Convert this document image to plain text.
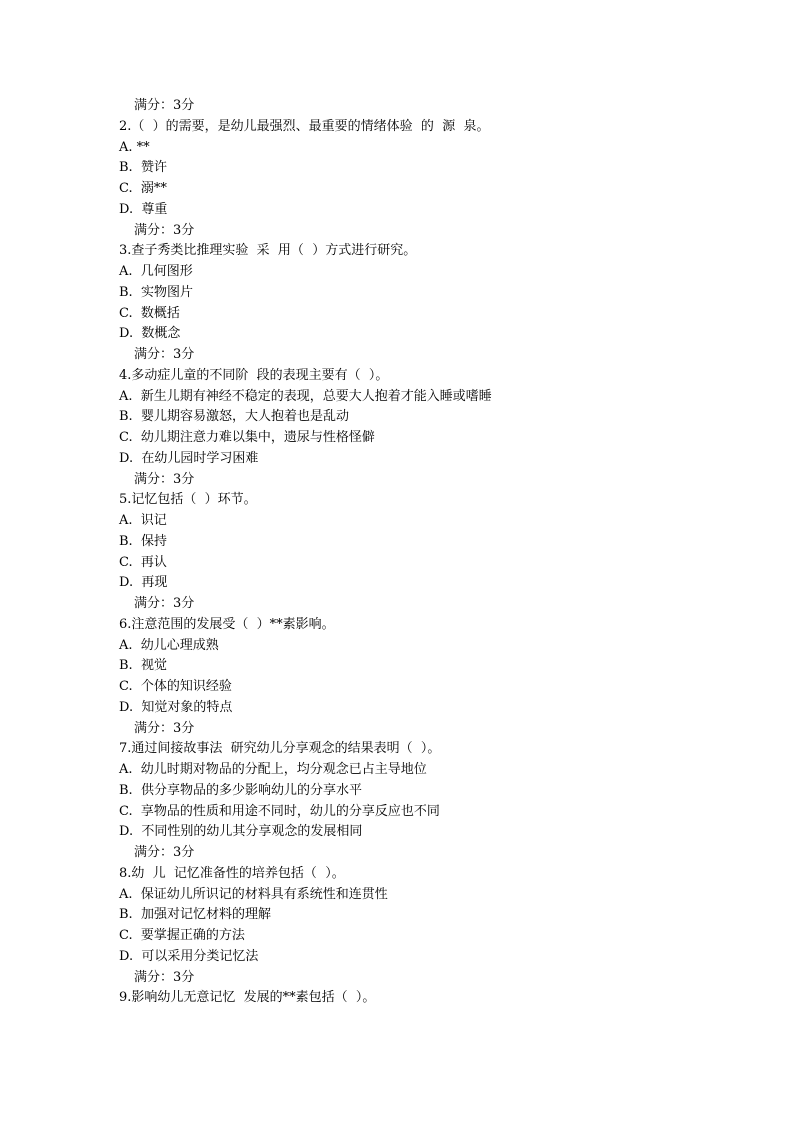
满分：3分
2.（  ）的需要，是幼儿最强烈、最重要的情绪体验  的  源  泉。
A. **
B.  赞许
C.  溺**
D.  尊重
满分：3分
3.查子秀类比推理实验  采  用（  ）方式进行研究。
A.  几何图形
B.  实物图片
C.  数概括
D.  数概念
满分：3分
4.多动症儿童的不同阶  段的表现主要有（  ）。
A.  新生儿期有神经不稳定的表现，总要大人抱着才能入睡或嗜睡
B.  婴儿期容易激怒，大人抱着也是乱动
C.  幼儿期注意力难以集中，遗尿与性格怪僻
D.  在幼儿园时学习困难
满分：3分
5.记忆包括（  ）环节。
A.  识记
B.  保持
C.  再认
D.  再现
满分：3分
6.注意范围的发展受（  ）**素影响。
A.  幼儿心理成熟
B.  视觉
C.  个体的知识经验
D.  知觉对象的特点
满分：3分
7.通过间接故事法  研究幼儿分享观念的结果表明（  ）。
A.  幼儿时期对物品的分配上，均分观念已占主导地位
B.  供分享物品的多少影响幼儿的分享水平
C.  享物品的性质和用途不同时，幼儿的分享反应也不同
D.  不同性别的幼儿其分享观念的发展相同
满分：3分
8.幼  儿  记忆准备性的培养包括（  ）。
A.  保证幼儿所识记的材料具有系统性和连贯性
B.  加强对记忆材料的理解
C.  要掌握正确的方法
D.  可以采用分类记忆法
满分：3分
9.影响幼儿无意记忆  发展的**素包括（  ）。
